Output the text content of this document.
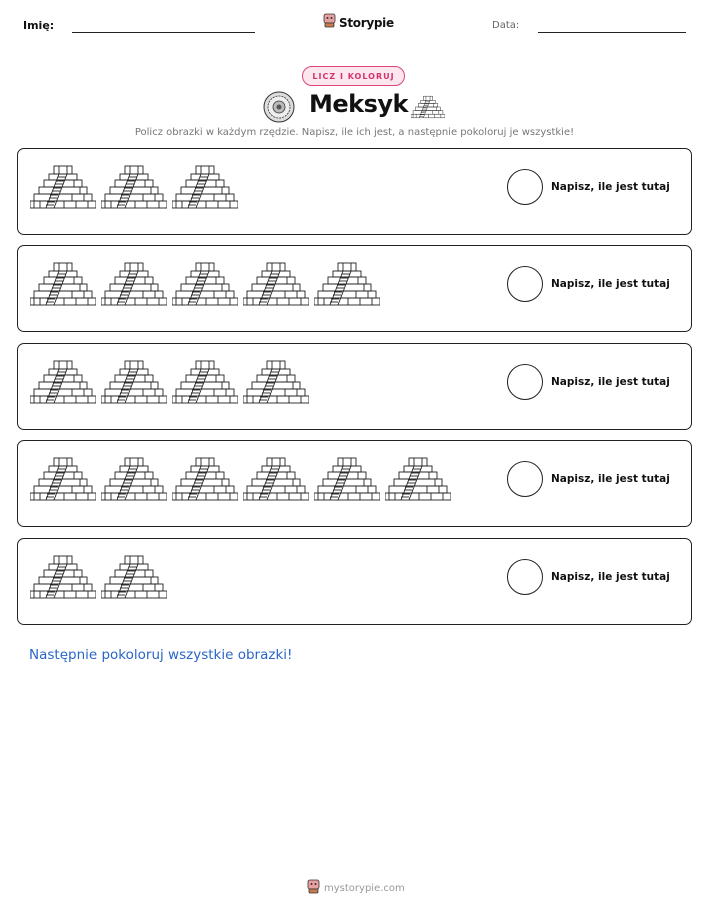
Imię:	Storypie	Data:
LICZ I KOLORUJ
Meksyk
Policz obrazki w każdym rzędzie. Napisz, ile ich jest, a następnie pokoloruj je wszystkie!
Napisz, ile jest tutaj
Napisz, ile jest tutaj
Napisz, ile jest tutaj
Napisz, ile jest tutaj
Napisz, ile jest tutaj
Następnie pokoloruj wszystkie obrazki!
mystorypie.com
